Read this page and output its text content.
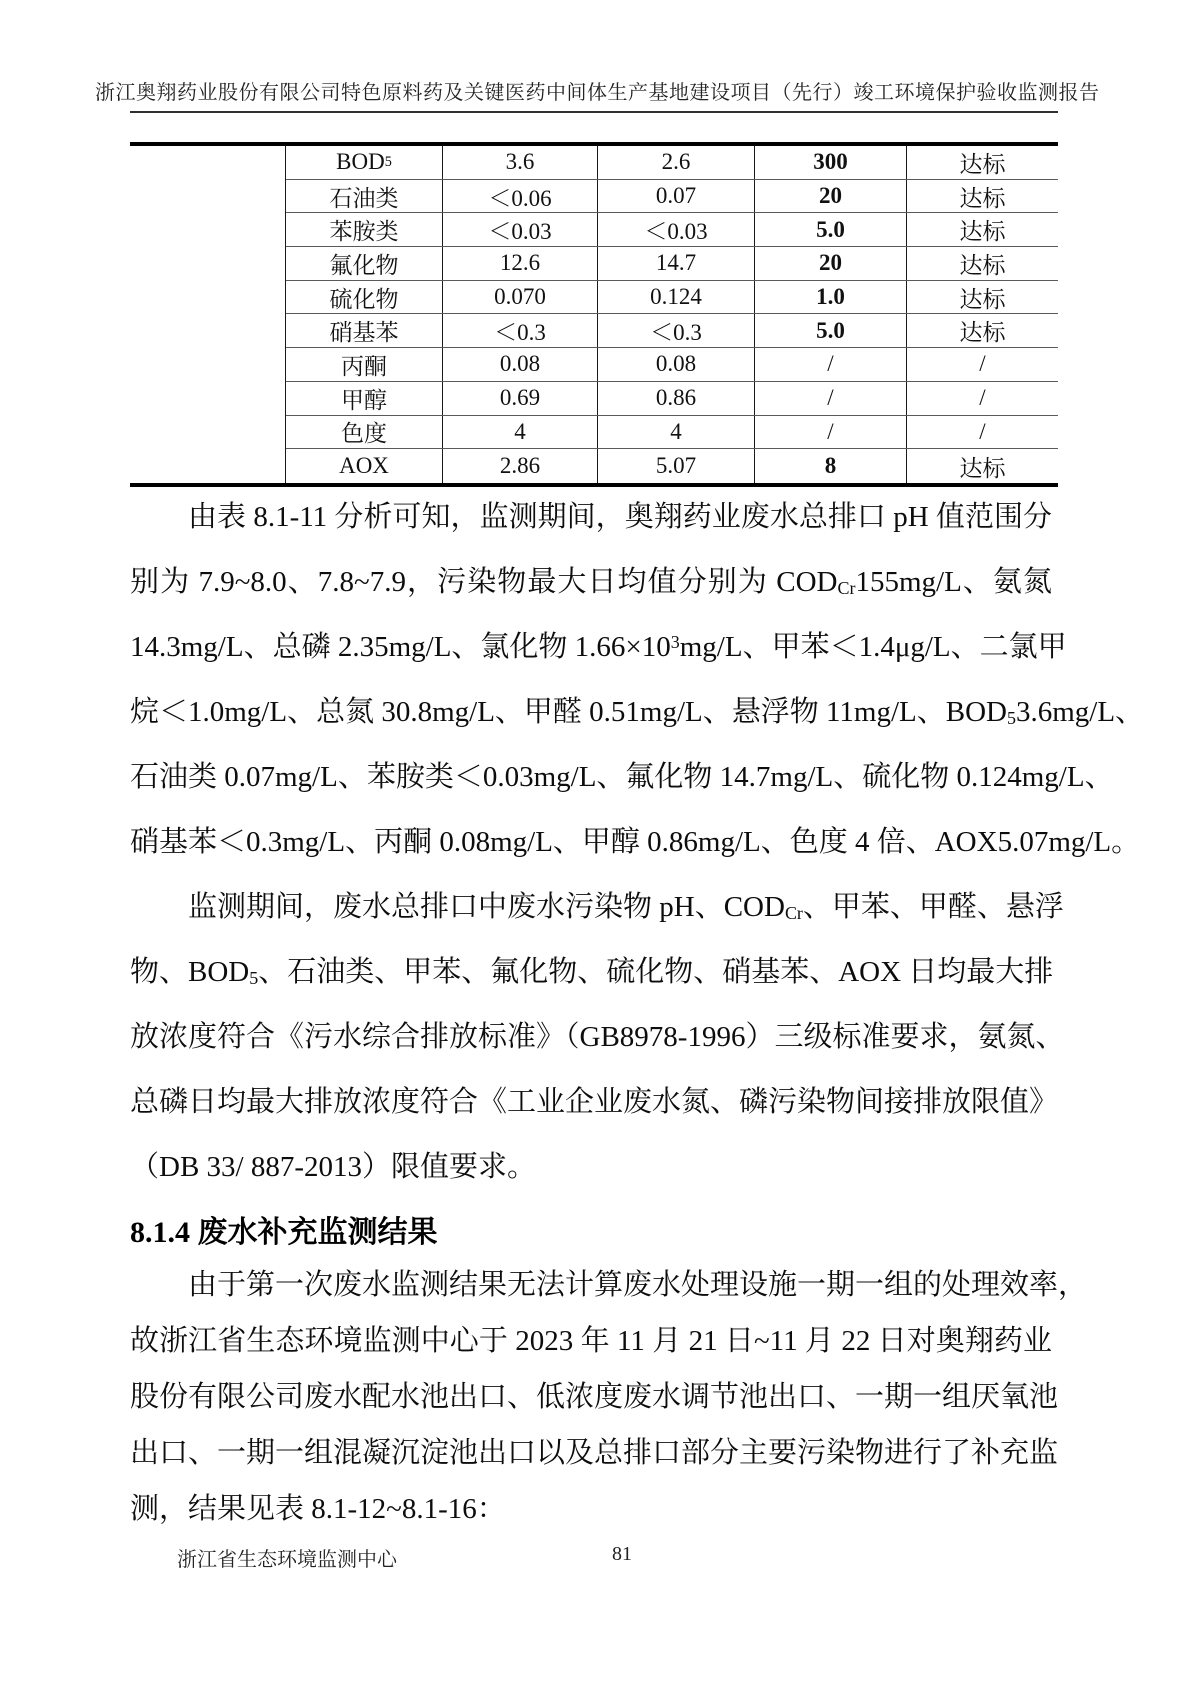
浙江奥翔药业股份有限公司特色原料药及关键医药中间体生产基地建设项目（先行）竣工环境保护验收监测报告
BOD 5	3.6	2.6	300	达标
石油类	＜0.06	0.07	20	达标
苯胺类	＜0.03	＜0.03	5.0	达标
氟化物	12.6	14.7	20	达标
硫化物	0.070	0.124	1.0	达标
硝基苯	＜0.3	＜0.3	5.0	达标
丙酮	0.08	0.08	/	/
甲醇	0.69	0.86	/	/
色度	4	4	/	/
AOX	2.86	5.07	8	达标
由表 8.1-11 分析可知，监测期间，奥翔药业废水总排口 pH 值范围分
别为 7.9~8.0、7.8~7.9，污染物最大日均值分别为 $COD_{Cr}155mg/L$、氨氮
14.3mg/L、总磷 2.35mg/L、氯化物 $1.66\times 10^3mg/L$、甲苯＜1.4μg/L、二氯甲
烷＜1.0mg/L、总氮 30.8mg/L、甲醛 0.51mg/L、悬浮物 11mg/L、$BOD_53.6mg/L$、
石油类 0.07mg/L、苯胺类＜0.03mg/L、氟化物 14.7mg/L、硫化物 0.124mg/L、
硝基苯＜0.3mg/L、丙酮 0.08mg/L、甲醇 0.86mg/L、色度 4 倍、AOX5.07mg/L。
监测期间，废水总排口中废水污染物 pH、$COD_{Cr}$、甲苯、甲醛、悬浮
物、$BOD_5$、石油类、甲苯、氟化物、硫化物、硝基苯、AOX 日均最大排
放浓度符合《污水综合排放标准》（GB8978-1996）三级标准要求，氨氮、
总磷日均最大排放浓度符合《工业企业废水氮、磷污染物间接排放限值》
（DB 33/ 887-2013）限值要求。
8.1.4 废水补充监测结果
由于第一次废水监测结果无法计算废水处理设施一期一组的处理效率，
故浙江省生态环境监测中心于 2023 年 11 月 21 日~11 月 22 日对奥翔药业
股份有限公司废水配水池出口、低浓度废水调节池出口、一期一组厌氧池
出口、一期一组混凝沉淀池出口以及总排口部分主要污染物进行了补充监
测，结果见表 8.1-12~8.1-16：
浙江省生态环境监测中心	81
